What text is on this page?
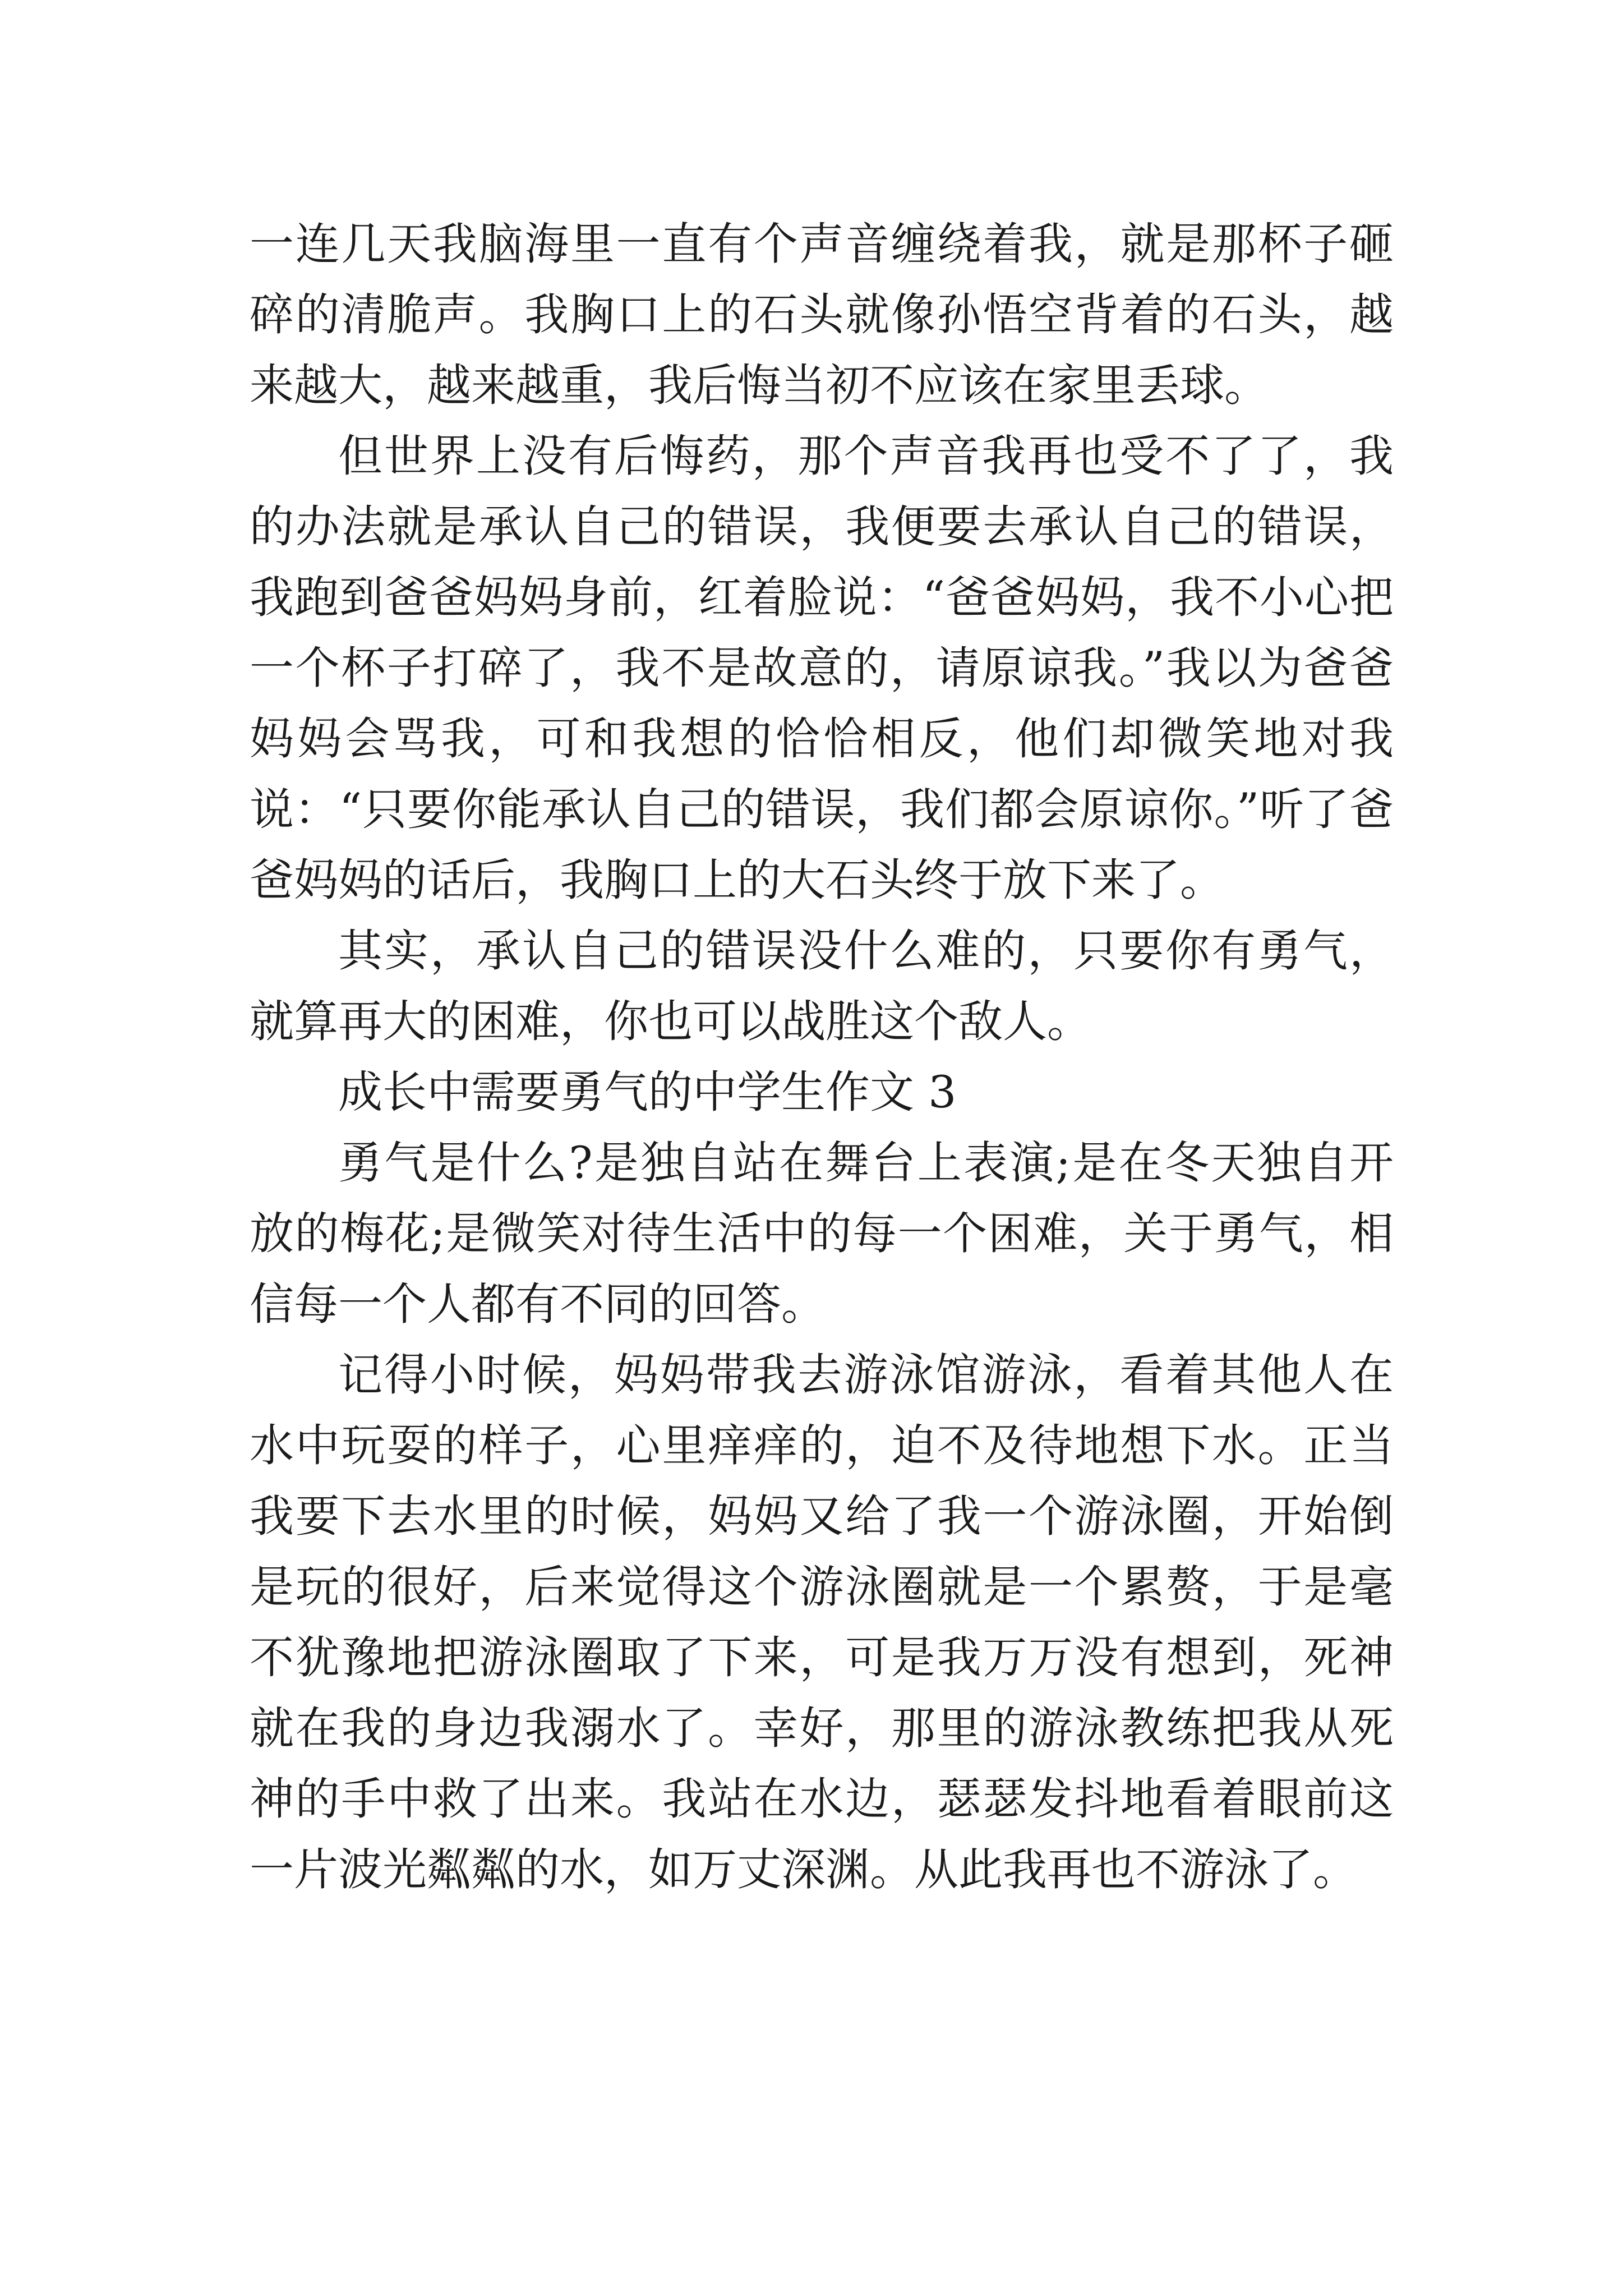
一连几天我脑海里一直有个声音缠绕着我，就是那杯子砸碎的清脆声。我胸口上的石头就像孙悟空背着的石头，越来越大，越来越重，我后悔当初不应该在家里丢球。

但世界上没有后悔药，那个声音我再也受不了了，我的办法就是承认自己的错误，我便要去承认自己的错误，我跑到爸爸妈妈身前，红着脸说：“爸爸妈妈，我不小心把一个杯子打碎了，我不是故意的，请原谅我。”我以为爸爸妈妈会骂我，可和我想的恰恰相反，他们却微笑地对我说：“只要你能承认自己的错误，我们都会原谅你。”听了爸爸妈妈的话后，我胸口上的大石头终于放下来了。

其实，承认自己的错误没什么难的，只要你有勇气，就算再大的困难，你也可以战胜这个敌人。

成长中需要勇气的中学生作文 3

勇气是什么?是独自站在舞台上表演;是在冬天独自开放的梅花;是微笑对待生活中的每一个困难，关于勇气，相信每一个人都有不同的回答。

记得小时候，妈妈带我去游泳馆游泳，看着其他人在水中玩耍的样子，心里痒痒的，迫不及待地想下水。正当我要下去水里的时候，妈妈又给了我一个游泳圈，开始倒是玩的很好，后来觉得这个游泳圈就是一个累赘，于是毫不犹豫地把游泳圈取了下来，可是我万万没有想到，死神就在我的身边我溺水了。幸好，那里的游泳教练把我从死神的手中救了出来。我站在水边，瑟瑟发抖地看着眼前这一片波光粼粼的水，如万丈深渊。从此我再也不游泳了。
